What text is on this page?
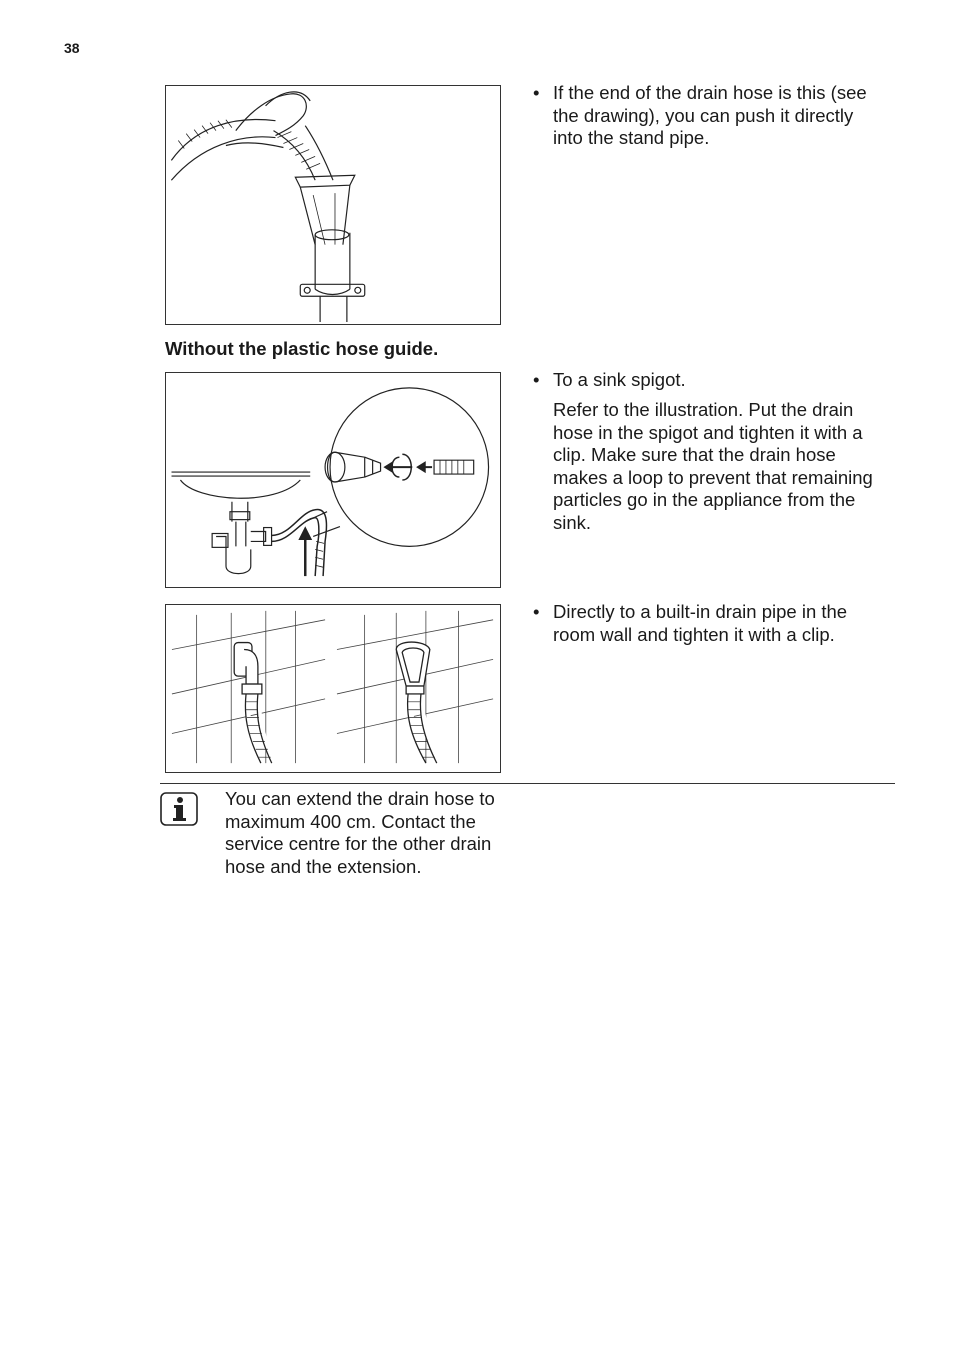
38
• If the end of the drain hose is this (see the drawing), you can push it directly into the stand pipe.
Without the plastic hose guide.
• To a sink spigot.
Refer to the illustration. Put the drain hose in the spigot and tighten it with a clip. Make sure that the drain hose makes a loop to prevent that remaining particles go in the appliance from the sink.
• Directly to a built-in drain pipe in the room wall and tighten it with a clip.
You can extend the drain hose to maximum 400 cm. Contact the service centre for the other drain hose and the extension.
